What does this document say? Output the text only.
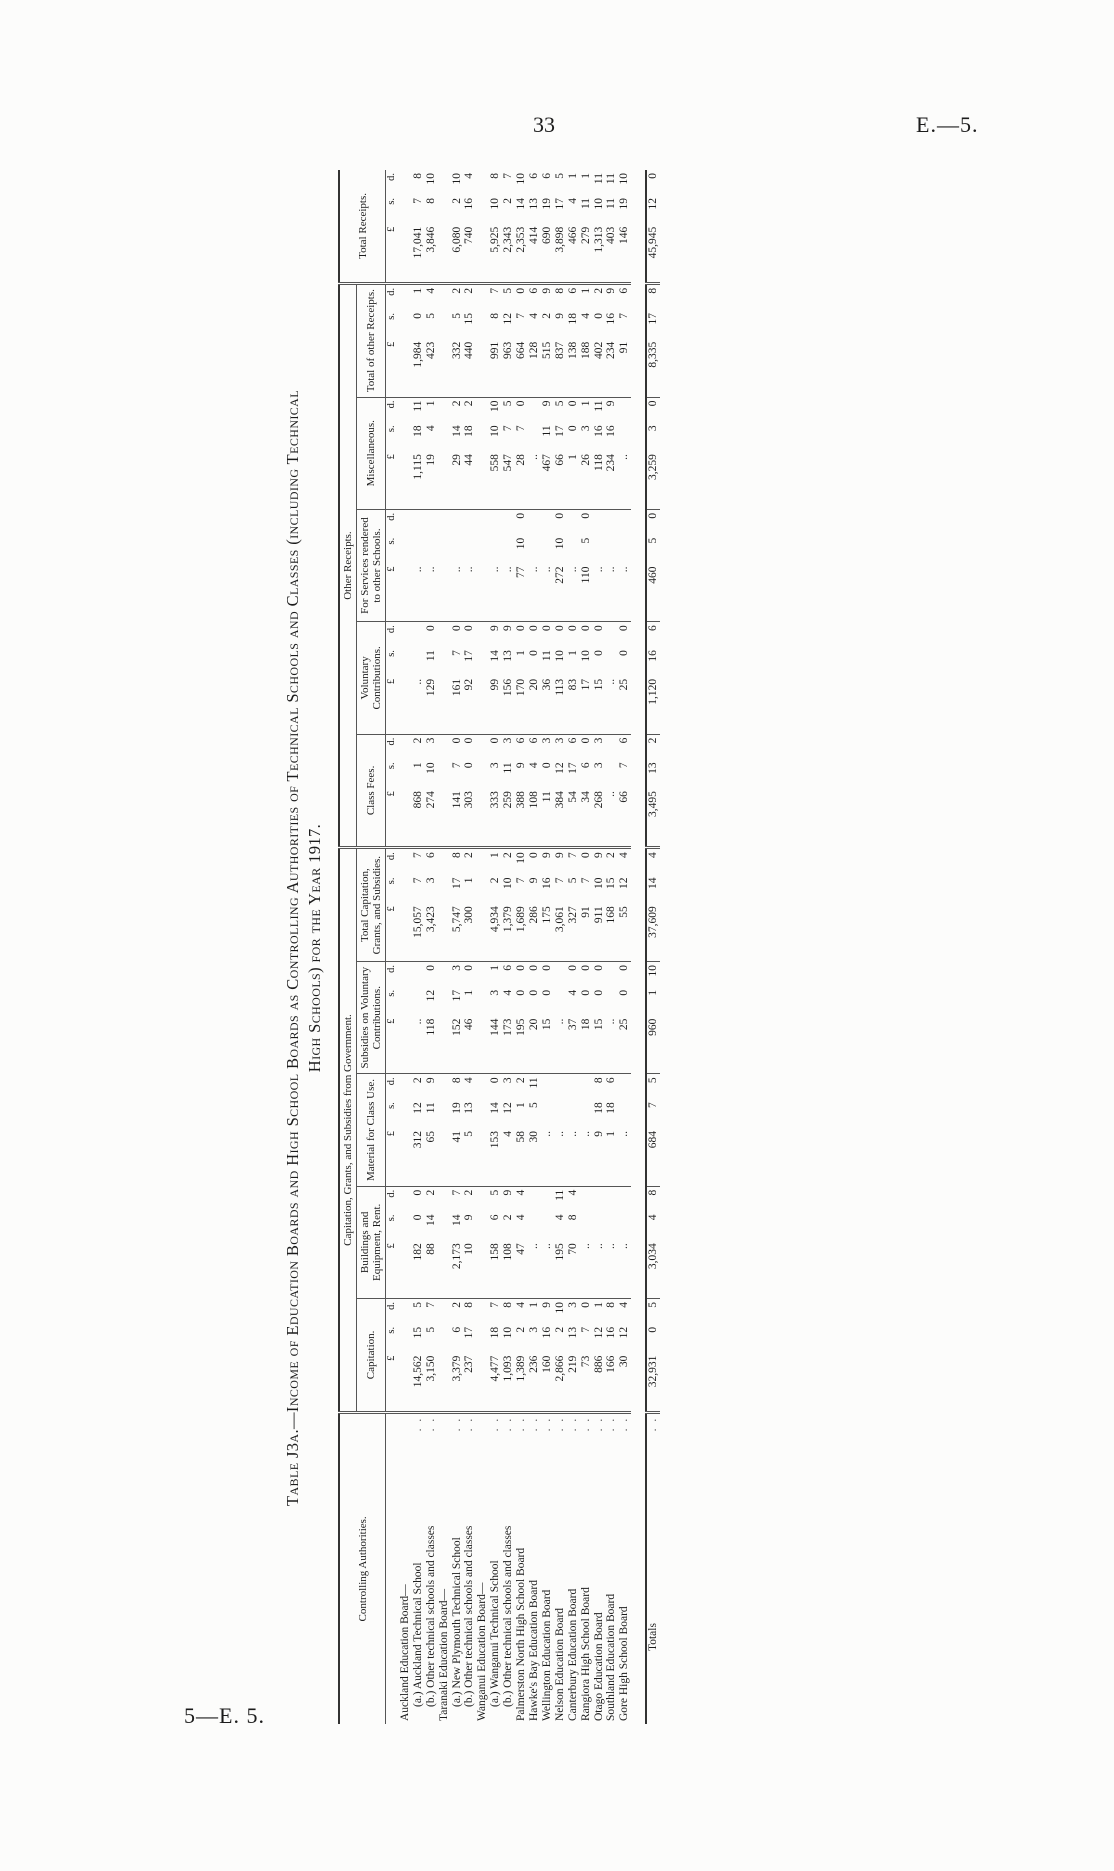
33	E.—5.
5—E. 5.
Table J3a.—Income of Education Boards and High School Boards as Controlling Authorities of Technical Schools and Classes (including Technical High Schools) for the Year 1917.
Controlling Authorities.	Capitation, Grants, and Subsidies from Government.															Other Receipts.															Total Receipts.		
	Capitation.			Buildings and Equipment, Rent.			Material for Class Use.			Subsidies on Voluntary Contributions.			Total Capitation, Grants, and Subsidies.			Class Fees.			Voluntary Contributions.			For Services rendered to other Schools.			Miscellaneous.			Total of other Receipts.					
	£	s.	d.	£	s.	d.	£	s.	d.	£	s.	d.	£	s.	d.	£	s.	d.	£	s.	d.	£	s.	d.	£	s.	d.	£	s.	d.	£	s.	d.
Auckland Education Board—																																	
(a.) Auckland Technical School
. .	14,562	15	5	182	0	0	312	12	2	..			15,057	7	7	868	1	2	..			..			1,115	18	11	1,984	0	1	17,041	7	8
(b.) Other technical schools and classes
. .	3,150	5	7	88	14	2	65	11	9	118	12	0	3,423	3	6	274	10	3	129	11	0	..			19	4	1	423	5	4	3,846	8	10
Taranaki Education Board—																																	
(a.) New Plymouth Technical School
. .	3,379	6	2	2,173	14	7	41	19	8	152	17	3	5,747	17	8	141	7	0	161	7	0	..			29	14	2	332	5	2	6,080	2	10
(b.) Other technical schools and classes
. .	237	17	8	10	9	2	5	13	4	46	1	0	300	1	2	303	0	0	92	17	0	..			44	18	2	440	15	2	740	16	4
Wanganui Education Board—																																	
(a.) Wanganui Technical School
. .	4,477	18	7	158	6	5	153	14	0	144	3	1	4,934	2	1	333	3	0	99	14	9	..			558	10	10	991	8	7	5,925	10	8
(b.) Other technical schools and classes
. .	1,093	10	8	108	2	9	4	12	3	173	4	6	1,379	10	2	259	11	3	156	13	9	..			547	7	5	963	12	5	2,343	2	7
Palmerston North High School Board
. .	1,389	2	4	47	4	4	58	1	2	195	0	0	1,689	7	10	388	9	6	170	1	0	77	10	0	28	7	0	664	7	0	2,353	14	10
Hawke's Bay Education Board
. .	236	3	1	..			30	5	11	20	0	0	286	9	0	108	4	6	20	0	0	..			..			128	4	6	414	13	6
Wellington Education Board
. .	160	16	9	..			..			15	0	0	175	16	9	11	0	3	36	11	0	..			467	11	9	515	2	9	690	19	6
Nelson Education Board
. .	2,866	2	10	195	4	11	..			..			3,061	7	9	384	12	3	113	10	0	272	10	0	66	17	5	837	9	8	3,898	17	5
Canterbury Education Board
. .	219	13	3	70	8	4	..			37	4	0	327	5	7	54	17	6	83	1	0	..			1	0	0	138	18	6	466	4	1
Rangiora High School Board
. .	73	7	0	..			..			18	0	0	91	7	0	34	6	0	17	10	0	110	5	0	26	3	1	188	4	1	279	11	1
Otago Education Board
. .	886	12	1	..			9	18	8	15	0	0	911	10	9	268	3	3	15	0	0	..			118	16	11	402	0	2	1,313	10	11
Southland Education Board
. .	166	16	8	..			1	18	6	..			168	15	2	..			..			..			234	16	9	234	16	9	403	11	11
Gore High School Board
. .	30	12	4	..			..			25	0	0	55	12	4	66	7	6	25	0	0	..			..			91	7	6	146	19	10

Totals
. .	32,931	0	5	3,034	4	8	684	7	5	960	1	10	37,609	14	4	3,495	13	2	1,120	16	6	460	5	0	3,259	3	0	8,335	17	8	45,945	12	0
